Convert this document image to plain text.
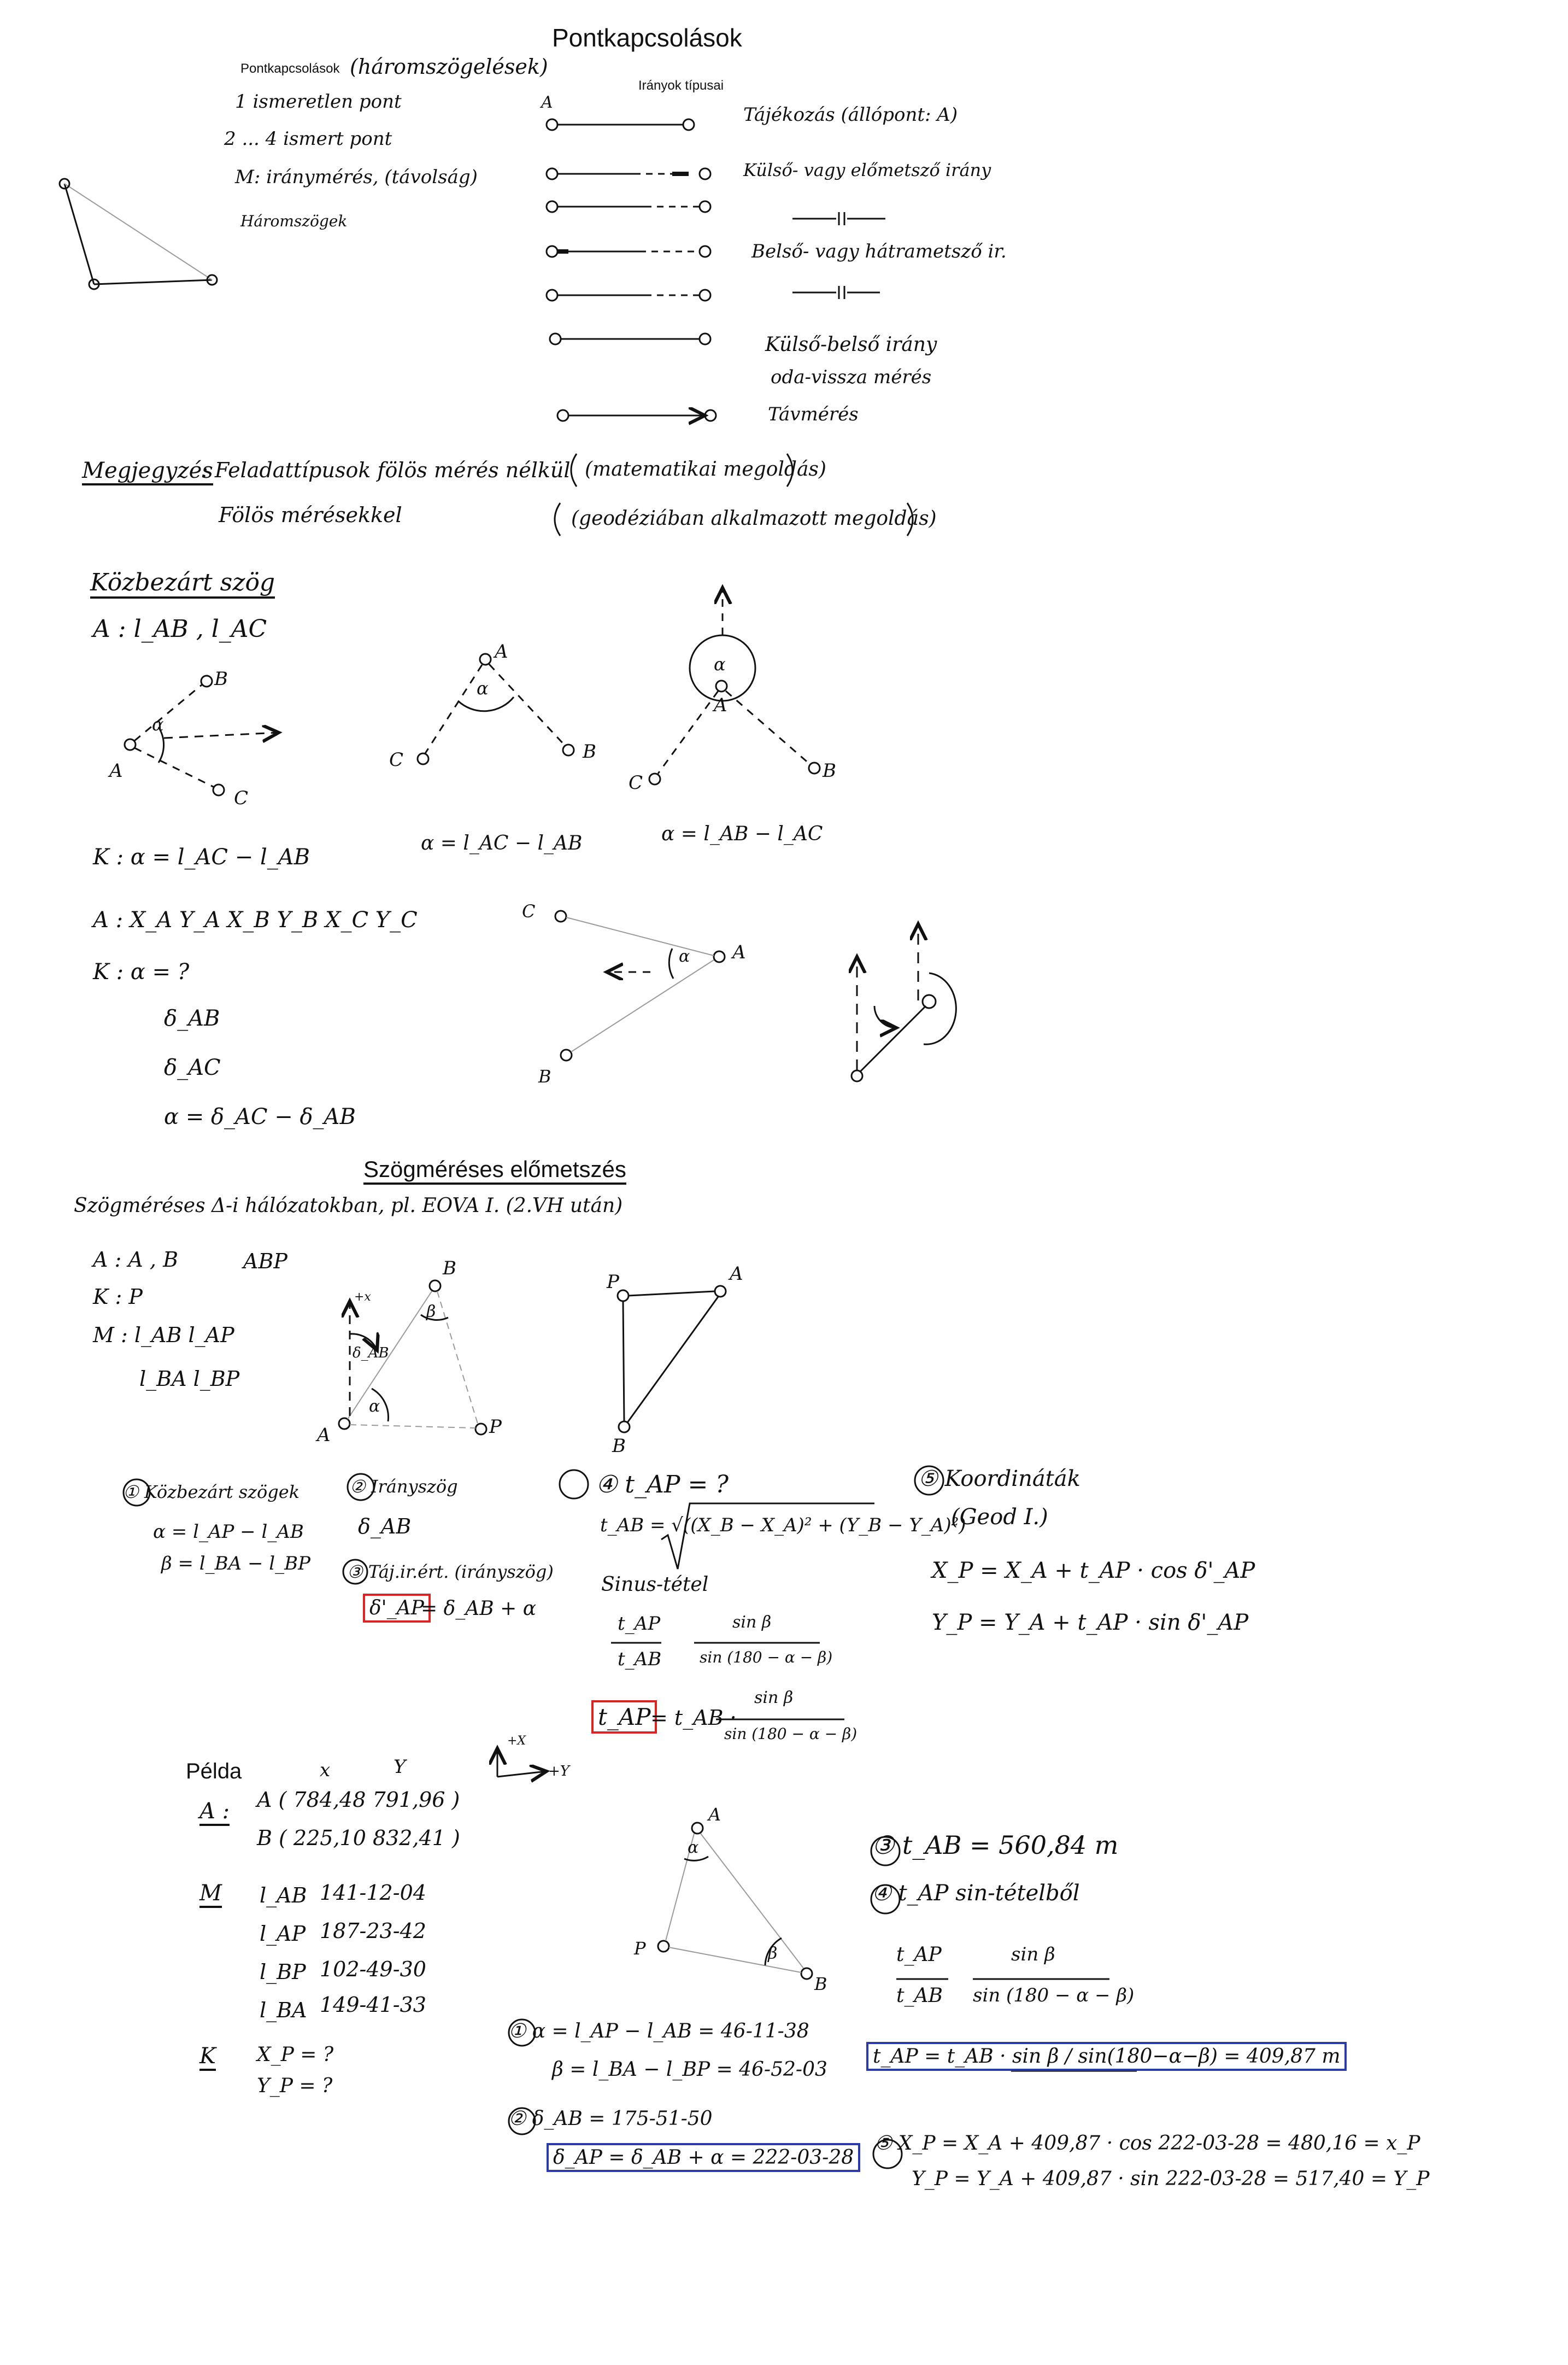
Pontkapcsolások
Pontkapcsolások (háromszögelések)
1 ismeretlen pont
2 ... 4 ismert pont
M: iránymérés, (távolság)
Háromszögek
Irányok típusai
A
Tájékozás (állópont: A)
Külső- vagy előmetsző irány
Belső- vagy hátrametsző ir.
Külső-belső irány
oda-vissza mérés
Távmérés
Megjegyzés
: Feladattípusok fölös mérés nélkül (matematikai megoldás)
Fölös mérésekkel	(geodéziában alkalmazott megoldás)
Közbezárt szög
A : l_AB , l_AC
α
A
B
C
A
α
C	B
A
α
C
B
K : α = l_AC − l_AB
α = l_AC − l_AB	α = l_AB − l_AC
A : X_A Y_A X_B Y_B X_C Y_C
K : α = ?
δ_AB
δ_AC
α = δ_AC − δ_AB
C
A
α
B
Szögméréses előmetszés
Szögméréses Δ-i hálózatokban, pl. EOVA I. (2.VH után)
A : A , B	ABP
K : P
M : l_AB l_AP
l_BA l_BP
B
A	P
+x
δ_AB
α
β
P	A
B
① Közbezárt szögek
α = l_AP − l_AB
β = l_BA − l_BP
② Irányszög
δ_AB
③ Táj.ir.ért. (irányszög)
δ'_AP
= δ_AB + α
④ t_AP = ?
t_AB = √((X_B − X_A)² + (Y_B − Y_A)²)
Sinus-tétel
t_AP
t_AB
sin β
sin (180 − α − β)
t_AP = t_AB ·
sin β
sin (180 − α − β)
⑤ Koordináták
(Geod I.)
X_P = X_A + t_AP · cos δ'_AP
Y_P = Y_A + t_AP · sin δ'_AP
Példa	x	Y
+X
+Y
A : A ( 784,48 791,96 )
B ( 225,10 832,41 )
M l_AB 141-12-04
l_AP 187-23-42
l_BP 102-49-30
l_BA 149-41-33
K X_P = ?
Y_P = ?
A
α
P	β
B
① α = l_AP − l_AB = 46-11-38
β = l_BA − l_BP = 46-52-03
② δ_AB = 175-51-50
δ_AP = δ_AB + α = 222-03-28
③ t_AB = 560,84 m
④ t_AP sin-tételből
t_AP
t_AB
sin β
sin (180 − α − β)
t_AP = t_AB · sin β / sin(180−α−β) = 409,87 m
⑤ X_P = X_A + 409,87 · cos 222-03-28 = 480,16 = x_P
Y_P = Y_A + 409,87 · sin 222-03-28 = 517,40 = Y_P
